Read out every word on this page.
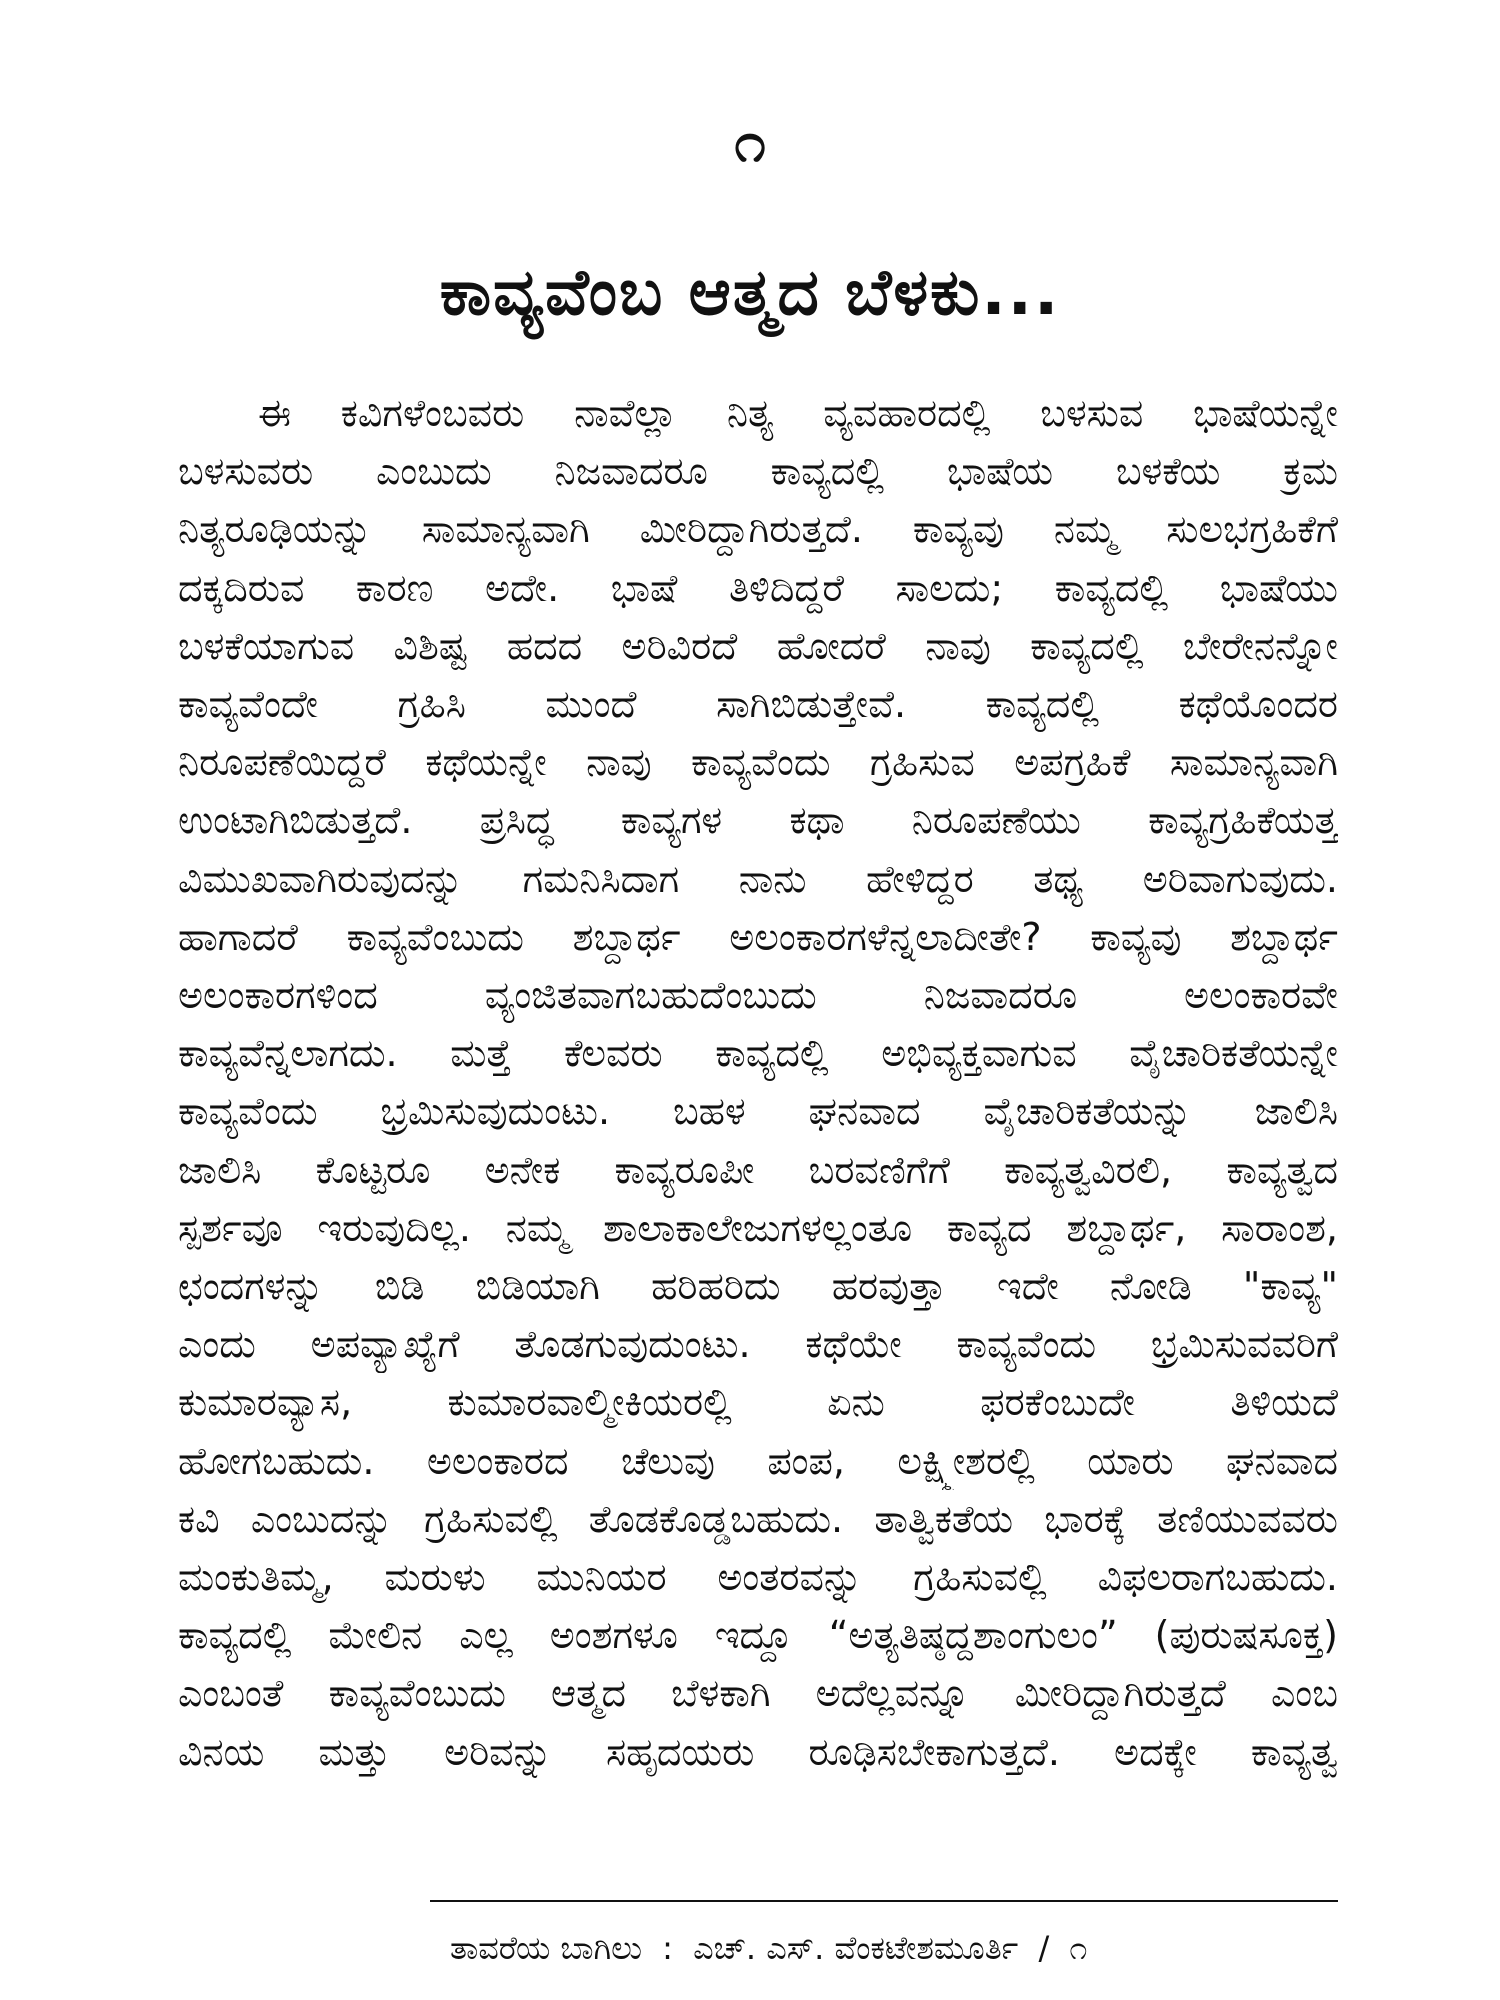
೧
ಕಾವ್ಯವೆಂಬ ಆತ್ಮದ ಬೆಳಕು...
ಈ ಕವಿಗಳೆಂಬವರು ನಾವೆಲ್ಲಾ ನಿತ್ಯ ವ್ಯವಹಾರದಲ್ಲಿ ಬಳಸುವ ಭಾಷೆಯನ್ನೇ
ಬಳಸುವರು ಎಂಬುದು ನಿಜವಾದರೂ ಕಾವ್ಯದಲ್ಲಿ ಭಾಷೆಯ ಬಳಕೆಯ ಕ್ರಮ
ನಿತ್ಯರೂಢಿಯನ್ನು ಸಾಮಾನ್ಯವಾಗಿ ಮೀರಿದ್ದಾಗಿರುತ್ತದೆ. ಕಾವ್ಯವು ನಮ್ಮ ಸುಲಭಗ್ರಹಿಕೆಗೆ
ದಕ್ಕದಿರುವ ಕಾರಣ ಅದೇ. ಭಾಷೆ ತಿಳಿದಿದ್ದರೆ ಸಾಲದು; ಕಾವ್ಯದಲ್ಲಿ ಭಾಷೆಯು
ಬಳಕೆಯಾಗುವ ವಿಶಿಷ್ಟ ಹದದ ಅರಿವಿರದೆ ಹೋದರೆ ನಾವು ಕಾವ್ಯದಲ್ಲಿ ಬೇರೇನನ್ನೋ
ಕಾವ್ಯವೆಂದೇ ಗ್ರಹಿಸಿ ಮುಂದೆ ಸಾಗಿಬಿಡುತ್ತೇವೆ. ಕಾವ್ಯದಲ್ಲಿ ಕಥೆಯೊಂದರ
ನಿರೂಪಣೆಯಿದ್ದರೆ ಕಥೆಯನ್ನೇ ನಾವು ಕಾವ್ಯವೆಂದು ಗ್ರಹಿಸುವ ಅಪಗ್ರಹಿಕೆ ಸಾಮಾನ್ಯವಾಗಿ
ಉಂಟಾಗಿಬಿಡುತ್ತದೆ. ಪ್ರಸಿದ್ಧ ಕಾವ್ಯಗಳ ಕಥಾ ನಿರೂಪಣೆಯು ಕಾವ್ಯಗ್ರಹಿಕೆಯತ್ತ
ವಿಮುಖವಾಗಿರುವುದನ್ನು ಗಮನಿಸಿದಾಗ ನಾನು ಹೇಳಿದ್ದರ ತಥ್ಯ ಅರಿವಾಗುವುದು.
ಹಾಗಾದರೆ ಕಾವ್ಯವೆಂಬುದು ಶಬ್ದಾರ್ಥ ಅಲಂಕಾರಗಳೆನ್ನಲಾದೀತೇ? ಕಾವ್ಯವು ಶಬ್ದಾರ್ಥ
ಅಲಂಕಾರಗಳಿಂದ ವ್ಯಂಜಿತವಾಗಬಹುದೆಂಬುದು ನಿಜವಾದರೂ ಅಲಂಕಾರವೇ
ಕಾವ್ಯವೆನ್ನಲಾಗದು. ಮತ್ತೆ ಕೆಲವರು ಕಾವ್ಯದಲ್ಲಿ ಅಭಿವ್ಯಕ್ತವಾಗುವ ವೈಚಾರಿಕತೆಯನ್ನೇ
ಕಾವ್ಯವೆಂದು ಭ್ರಮಿಸುವುದುಂಟು. ಬಹಳ ಘನವಾದ ವೈಚಾರಿಕತೆಯನ್ನು ಜಾಲಿಸಿ
ಜಾಲಿಸಿ ಕೊಟ್ಟರೂ ಅನೇಕ ಕಾವ್ಯರೂಪೀ ಬರವಣಿಗೆಗೆ ಕಾವ್ಯತ್ವವಿರಲಿ, ಕಾವ್ಯತ್ವದ
ಸ್ಪರ್ಶವೂ ಇರುವುದಿಲ್ಲ. ನಮ್ಮ ಶಾಲಾಕಾಲೇಜುಗಳಲ್ಲಂತೂ ಕಾವ್ಯದ ಶಬ್ದಾರ್ಥ, ಸಾರಾಂಶ,
ಛಂದಗಳನ್ನು ಬಿಡಿ ಬಿಡಿಯಾಗಿ ಹರಿಹರಿದು ಹರವುತ್ತಾ ಇದೇ ನೋಡಿ "ಕಾವ್ಯ"
ಎಂದು ಅಪವ್ಯಾಖ್ಯೆಗೆ ತೊಡಗುವುದುಂಟು. ಕಥೆಯೇ ಕಾವ್ಯವೆಂದು ಭ್ರಮಿಸುವವರಿಗೆ
ಕುಮಾರವ್ಯಾಸ, ಕುಮಾರವಾಲ್ಮೀಕಿಯರಲ್ಲಿ ಏನು ಫರಕೆಂಬುದೇ ತಿಳಿಯದೆ
ಹೋಗಬಹುದು. ಅಲಂಕಾರದ ಚೆಲುವು ಪಂಪ, ಲಕ್ಷ್ಮೀಶರಲ್ಲಿ ಯಾರು ಘನವಾದ
ಕವಿ ಎಂಬುದನ್ನು ಗ್ರಹಿಸುವಲ್ಲಿ ತೊಡಕೊಡ್ಡಬಹುದು. ತಾತ್ವಿಕತೆಯ ಭಾರಕ್ಕೆ ತಣಿಯುವವರು
ಮಂಕುತಿಮ್ಮ, ಮರುಳು ಮುನಿಯರ ಅಂತರವನ್ನು ಗ್ರಹಿಸುವಲ್ಲಿ ವಿಫಲರಾಗಬಹುದು.
ಕಾವ್ಯದಲ್ಲಿ ಮೇಲಿನ ಎಲ್ಲ ಅಂಶಗಳೂ ಇದ್ದೂ “ಅತ್ಯತಿಷ್ಠದ್ದಶಾಂಗುಲಂ” (ಪುರುಷಸೂಕ್ತ)
ಎಂಬಂತೆ ಕಾವ್ಯವೆಂಬುದು ಆತ್ಮದ ಬೆಳಕಾಗಿ ಅದೆಲ್ಲವನ್ನೂ ಮೀರಿದ್ದಾಗಿರುತ್ತದೆ ಎಂಬ
ವಿನಯ ಮತ್ತು ಅರಿವನ್ನು ಸಹೃದಯರು ರೂಢಿಸಬೇಕಾಗುತ್ತದೆ. ಅದಕ್ಕೇ ಕಾವ್ಯತ್ವ
ತಾವರೆಯ ಬಾಗಿಲು : ಎಚ್. ಎಸ್. ವೆಂಕಟೇಶಮೂರ್ತಿ / ೧
